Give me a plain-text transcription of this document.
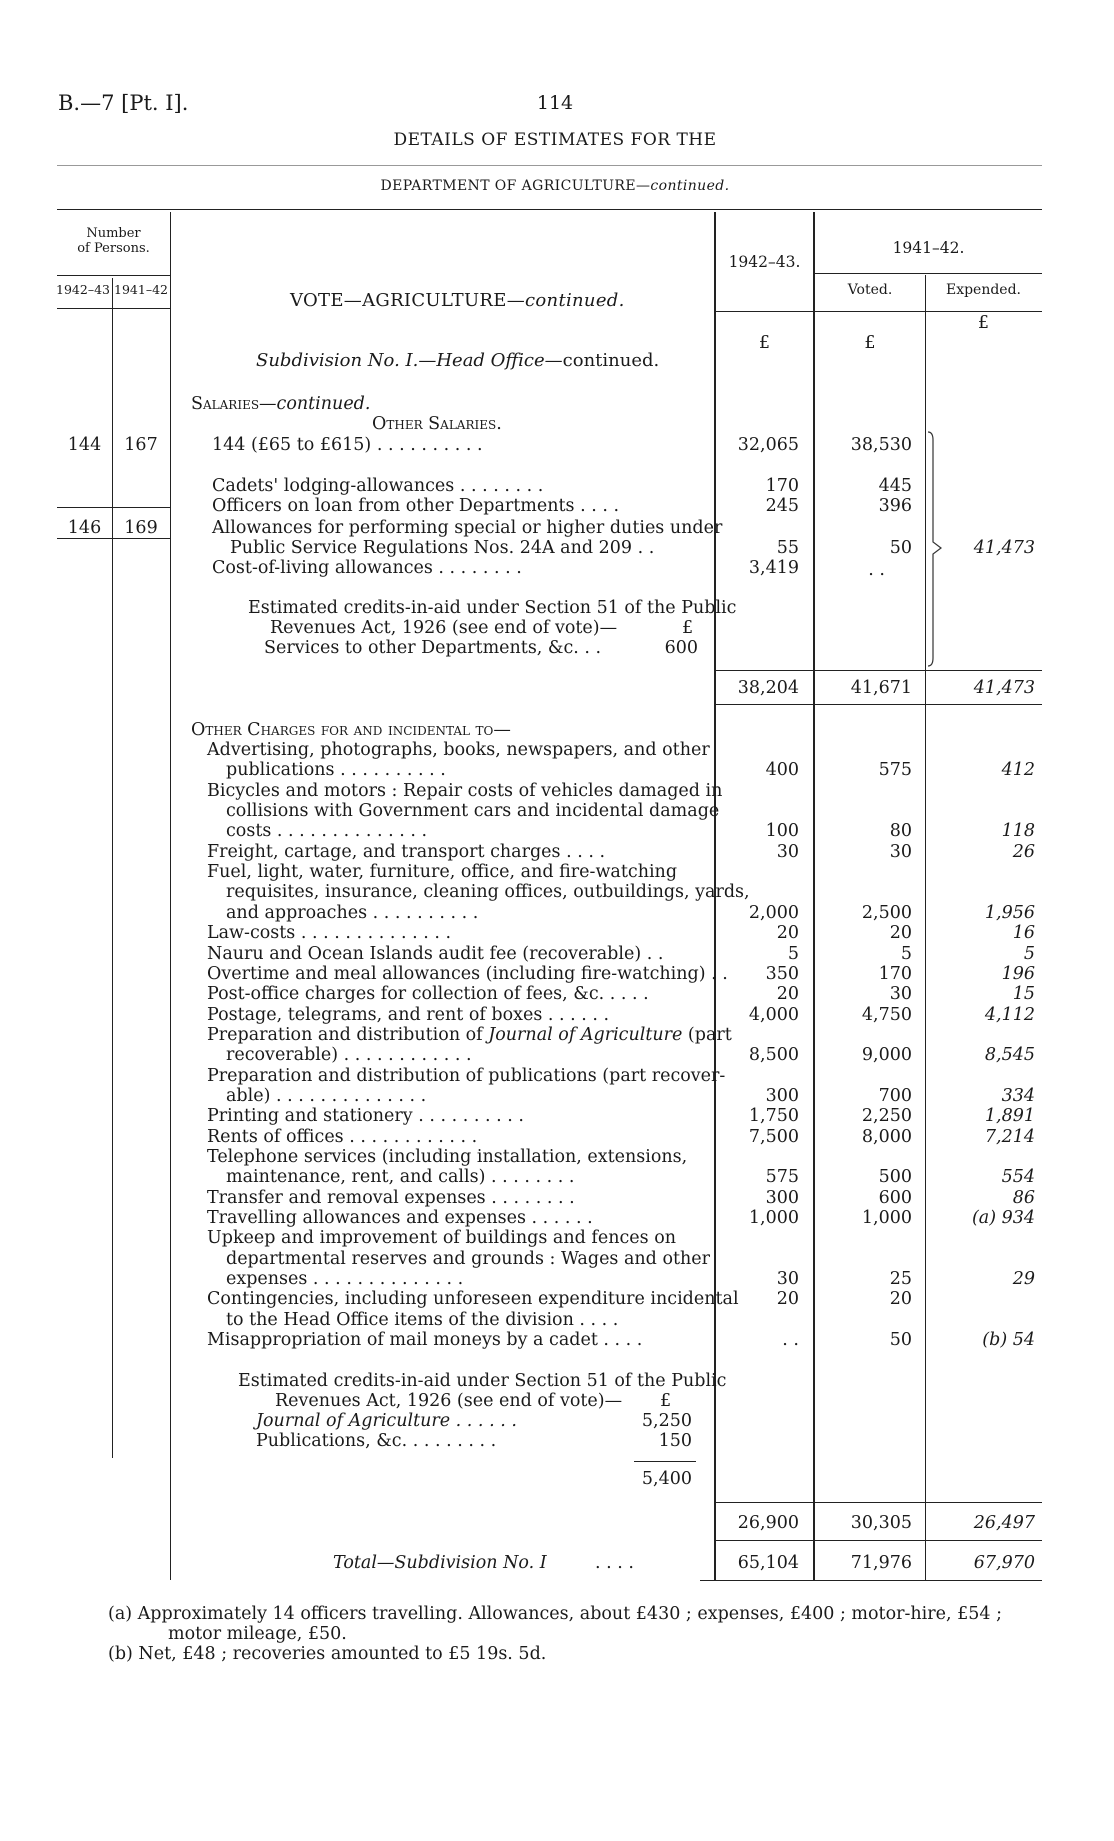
B.—7 [Pt. I].	114
DETAILS OF ESTIMATES FOR THE
DEPARTMENT OF AGRICULTURE—continued.
Number
of Persons.
1942–43 1941–42
1942–43.
1941–42.
Voted.	Expended.
£	£
£
VOTE—AGRICULTURE—continued.
Subdivision No. I.—Head Office—continued.
Salaries—continued.
Other Salaries.
144	167
146	169
144 (£65 to £615) . . . . . . . . . .	32,065	38,530
Cadets' lodging-allowances . . . . . . . .	170	445
Officers on loan from other Departments . . . .	245	396
Allowances for performing special or higher duties under
Public Service Regulations Nos. 24A and 209 . .	55	50
Cost-of-living allowances . . . . . . . .	3,419	. .
41,473
Estimated credits-in-aid under Section 51 of the Public
Revenues Act, 1926 (see end of vote)—	£
Services to other Departments, &c. . .	600
38,204	41,671	41,473
Other Charges for and incidental to—
Advertising, photographs, books, newspapers, and other
publications . . . . . . . . . .	400	575	412
Bicycles and motors : Repair costs of vehicles damaged in
collisions with Government cars and incidental damage
costs . . . . . . . . . . . . . .	100	80	118
Freight, cartage, and transport charges . . . .	30	30	26
Fuel, light, water, furniture, office, and fire-watching
requisites, insurance, cleaning offices, outbuildings, yards,
and approaches . . . . . . . . . .	2,000	2,500	1,956
Law-costs . . . . . . . . . . . . . .	20	20	16
Nauru and Ocean Islands audit fee (recoverable) . .	5	5	5
Overtime and meal allowances (including fire-watching) . .	350	170	196
Post-office charges for collection of fees, &c. . . . .	20	30	15
Postage, telegrams, and rent of boxes . . . . . .	4,000	4,750	4,112
Preparation and distribution of Journal of Agriculture (part
recoverable) . . . . . . . . . . . .	8,500	9,000	8,545
Preparation and distribution of publications (part recover-
able) . . . . . . . . . . . . . .	300	700	334
Printing and stationery . . . . . . . . . .	1,750	2,250	1,891
Rents of offices . . . . . . . . . . . .	7,500	8,000	7,214
Telephone services (including installation, extensions,
maintenance, rent, and calls) . . . . . . . .	575	500	554
Transfer and removal expenses . . . . . . . .	300	600	86
Travelling allowances and expenses . . . . . .	1,000	1,000	(a) 934
Upkeep and improvement of buildings and fences on
departmental reserves and grounds : Wages and other
expenses . . . . . . . . . . . . . .	30	25	29
Contingencies, including unforeseen expenditure incidental
to the Head Office items of the division . . . .
20	20
Misappropriation of mail moneys by a cadet . . . .	. .	50	(b) 54
Estimated credits-in-aid under Section 51 of the Public
Revenues Act, 1926 (see end of vote)— £
Journal of Agriculture . . . . . .	5,250
Publications, &c. . . . . . . . .	150
5,400
26,900	30,305	26,497
Total—Subdivision No. I	. . . .	65,104	71,976	67,970
(a) Approximately 14 officers travelling. Allowances, about £430 ; expenses, £400 ; motor-hire, £54 ;
motor mileage, £50.
(b) Net, £48 ; recoveries amounted to £5 19s. 5d.
